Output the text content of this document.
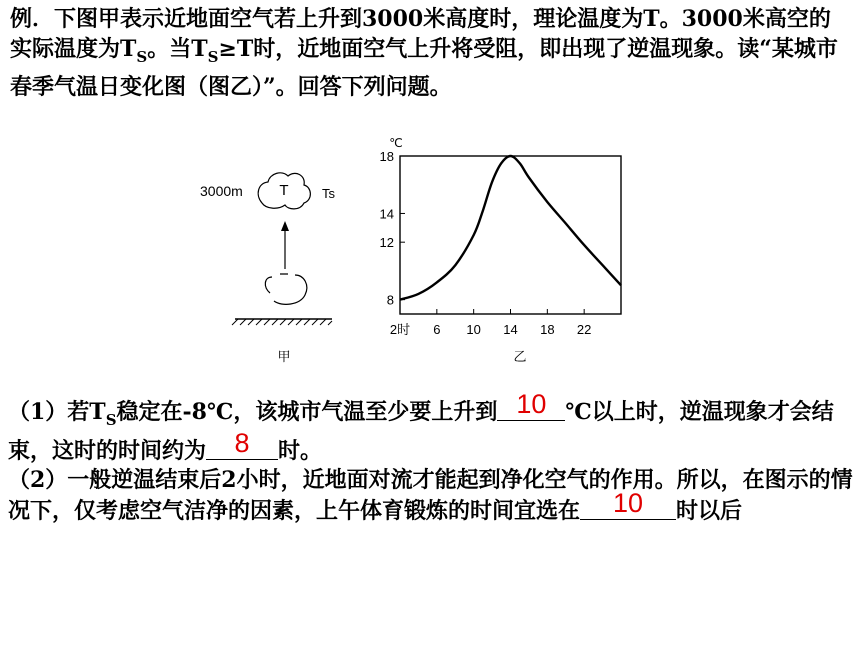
例．下图甲表示近地面空气若上升到3000米高度时，理论温度为T。3000米高空的实际温度为$T_S$。当$T_S\ge T$时，近地面空气上升将受阻，即出现了逆温现象。读“某城市春季气温日变化图（图乙）”。回答下列问题。

3000m T	Ts
甲
℃
8
12
14
18
6 10 14 18 22
2时
乙

（1）若$T_S$稳定在-8℃，该城市气温至少要上升到 10 ℃以上时，逆温现象才会结束，这时的时间约为	8	时。

（2）一般逆温结束后2小时，近地面对流才能起到净化空气的作用。所以，在图示的情况下，仅考虑空气洁净的因素，上午体育锻炼的时间宜选在	10	时以后
